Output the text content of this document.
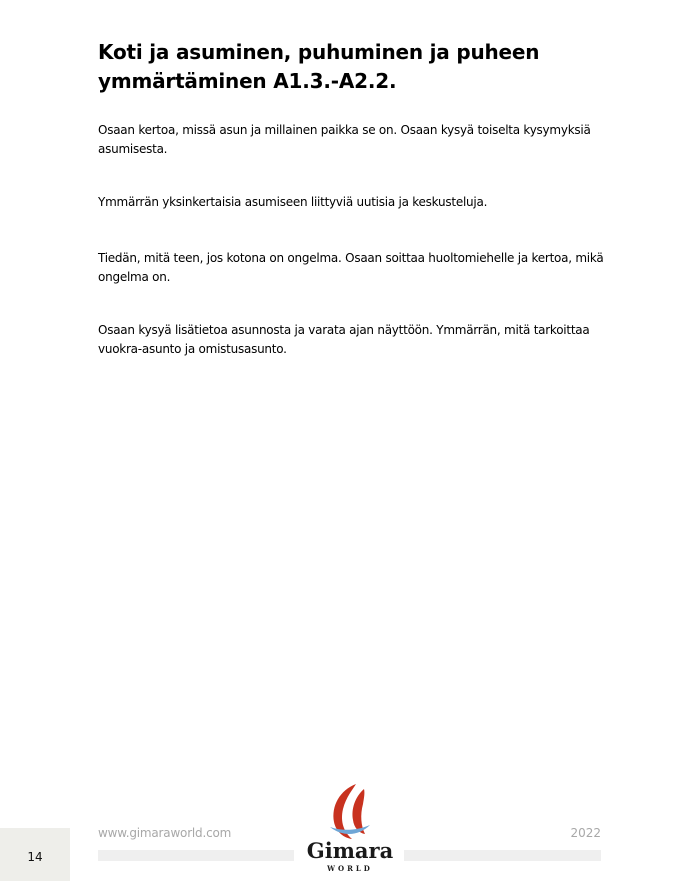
Koti ja asuminen, puhuminen ja puheen ymmärtäminen A1.3.-A2.2.

Osaan kertoa, missä asun ja millainen paikka se on. Osaan kysyä toiselta kysymyksiä asumisesta.

Ymmärrän yksinkertaisia asumiseen liittyviä uutisia ja keskusteluja.

Tiedän, mitä teen, jos kotona on ongelma. Osaan soittaa huoltomiehelle ja kertoa, mikä ongelma on.

Osaan kysyä lisätietoa asunnosta ja varata ajan näyttöön. Ymmärrän, mitä tarkoittaa vuokra-asunto ja omistusasunto.

www.gimaraworld.com	2022
14	Gimara
WORLD
